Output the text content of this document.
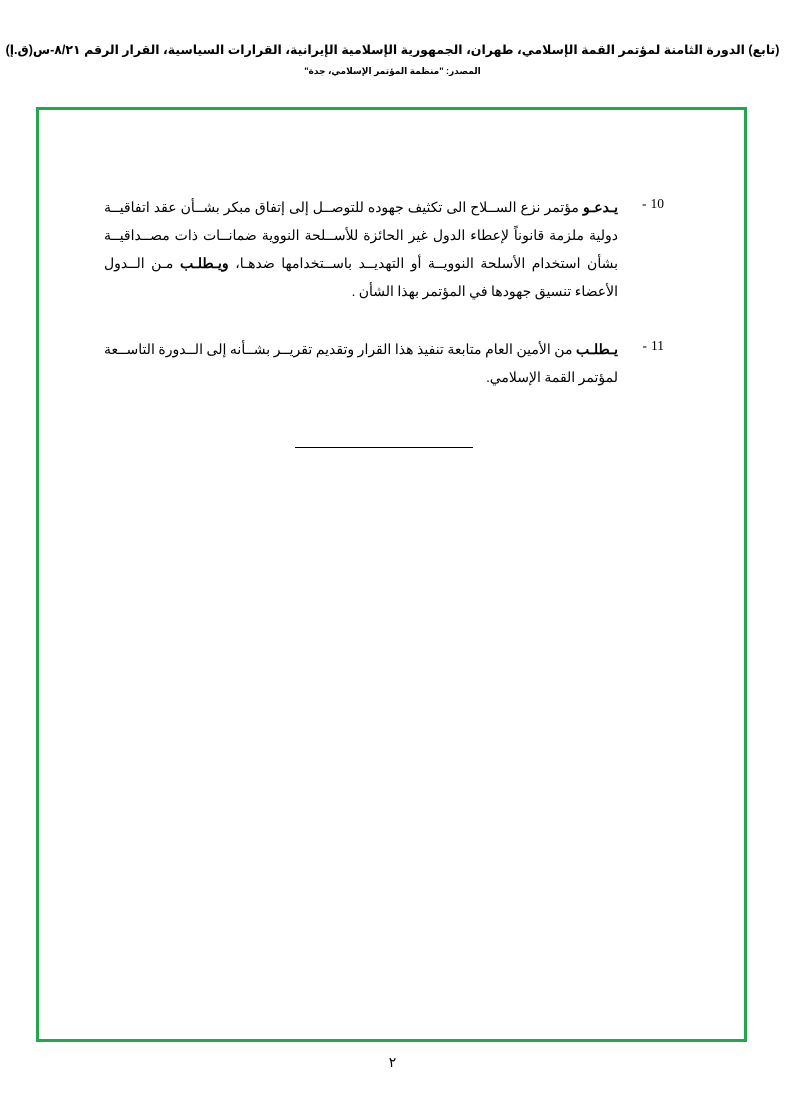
(تابع) الدورة الثامنة لمؤتمر القمة الإسلامي، طهران، الجمهورية الإسلامية الإيرانية، القرارات السياسية، القرار الرقم ٨/٢١-س(ق.إ)
المصدر: "منظمة المؤتمر الإسلامي، جدة"
10-
يـدعـو مؤتمر نزع الســلاح الى تكثيف جهوده للتوصــل إلى إتفاق مبكر بشــأن عقد اتفاقيــة دولية ملزمة قانوناً لإعطاء الدول غير الحائزة للأســلحة النووية ضمانــات ذات مصــداقيــة بشأن استخدام الأسلحة النوويــة أو التهديــد باســتخدامها ضدهـا، ويـطلـب مـن الــدول الأعضاء تنسيق جهودها في المؤتمر بهذا الشأن .
11-
يـطلـب من الأمين العام متابعة تنفيذ هذا القرار وتقديم تقريــر بشــأنه إلى الــدورة التاســعة لمؤتمر القمة الإسلامي.
٢
